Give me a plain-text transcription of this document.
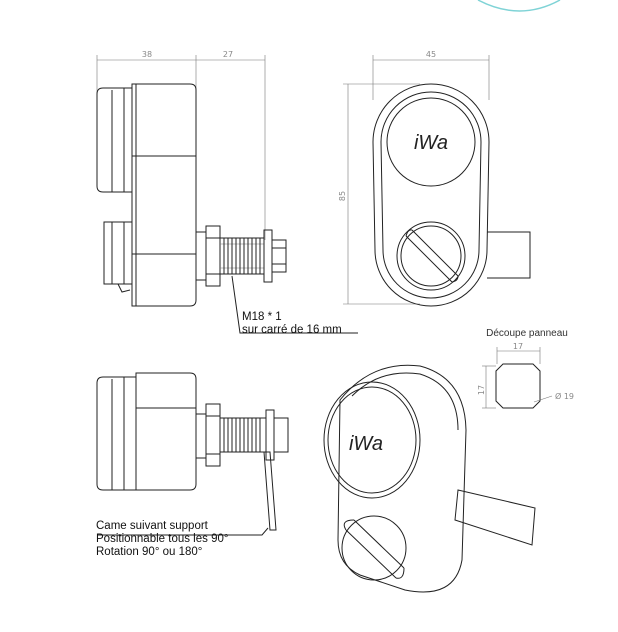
38	27
M18 * 1
sur carré de 16 mm
45
85
iWa
Découpe panneau
17
17
Ø 19
Came suivant support
Positionnable tous les 90°
Rotation 90° ou 180°
iWa
